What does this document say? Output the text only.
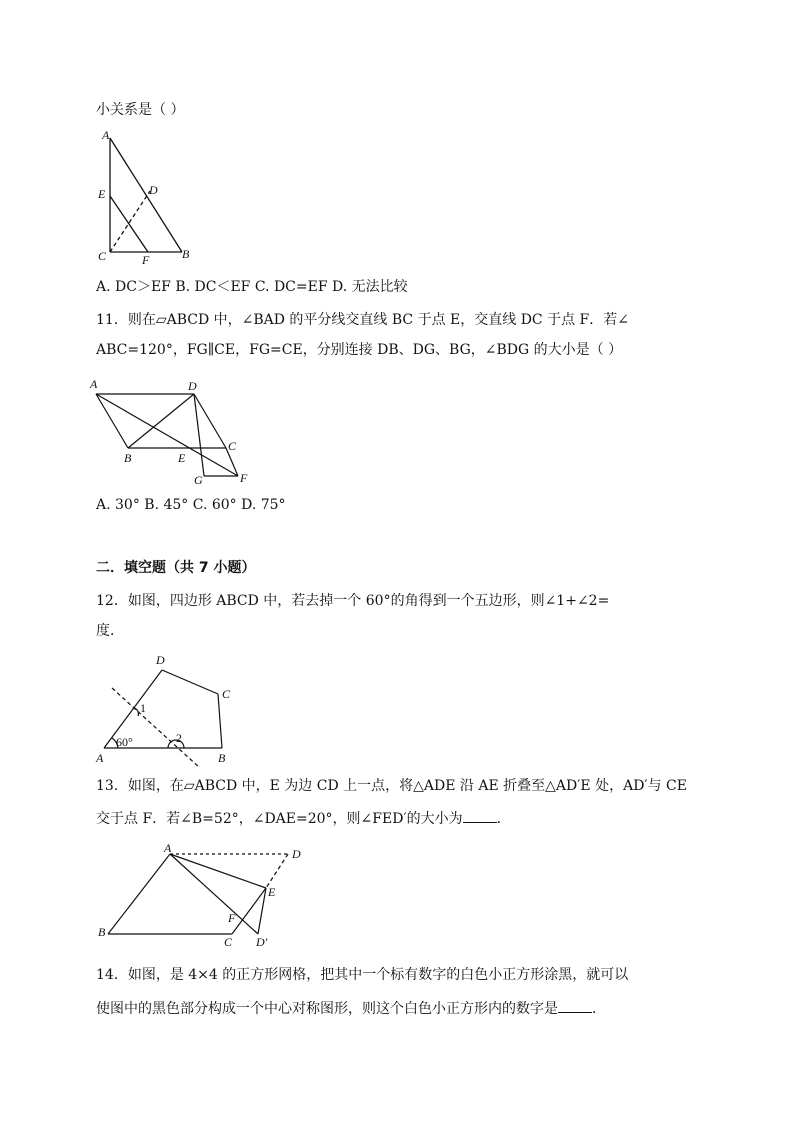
小关系是（ ）
A
E	D
C	F	B
A. DC＞EF B. DC＜EF C. DC=EF D. 无法比较
11．则在▱ABCD 中，∠BAD 的平分线交直线 BC 于点 E，交直线 DC 于点 F．若∠
ABC=120°，FG∥CE，FG=CE，分别连接 DB、DG、BG，∠BDG 的大小是（ ）
A	D
C
B	E
G	F
A. 30° B. 45° C. 60° D. 75°
二．填空题（共 7 小题）
12．如图，四边形 ABCD 中，若去掉一个 60°的角得到一个五边形，则∠1+∠2=
度．
D
C
A	B
1
2
60°
13．如图，在▱ABCD 中，E 为边 CD 上一点，将△ADE 沿 AE 折叠至△AD′E 处，AD′与 CE
交于点 F．若∠B=52°，∠DAE=20°，则∠FED′的大小为 ．
A	D
E
F
B
C D′
14．如图，是 4×4 的正方形网格，把其中一个标有数字的白色小正方形涂黑，就可以
使图中的黑色部分构成一个中心对称图形，则这个白色小正方形内的数字是 ．
